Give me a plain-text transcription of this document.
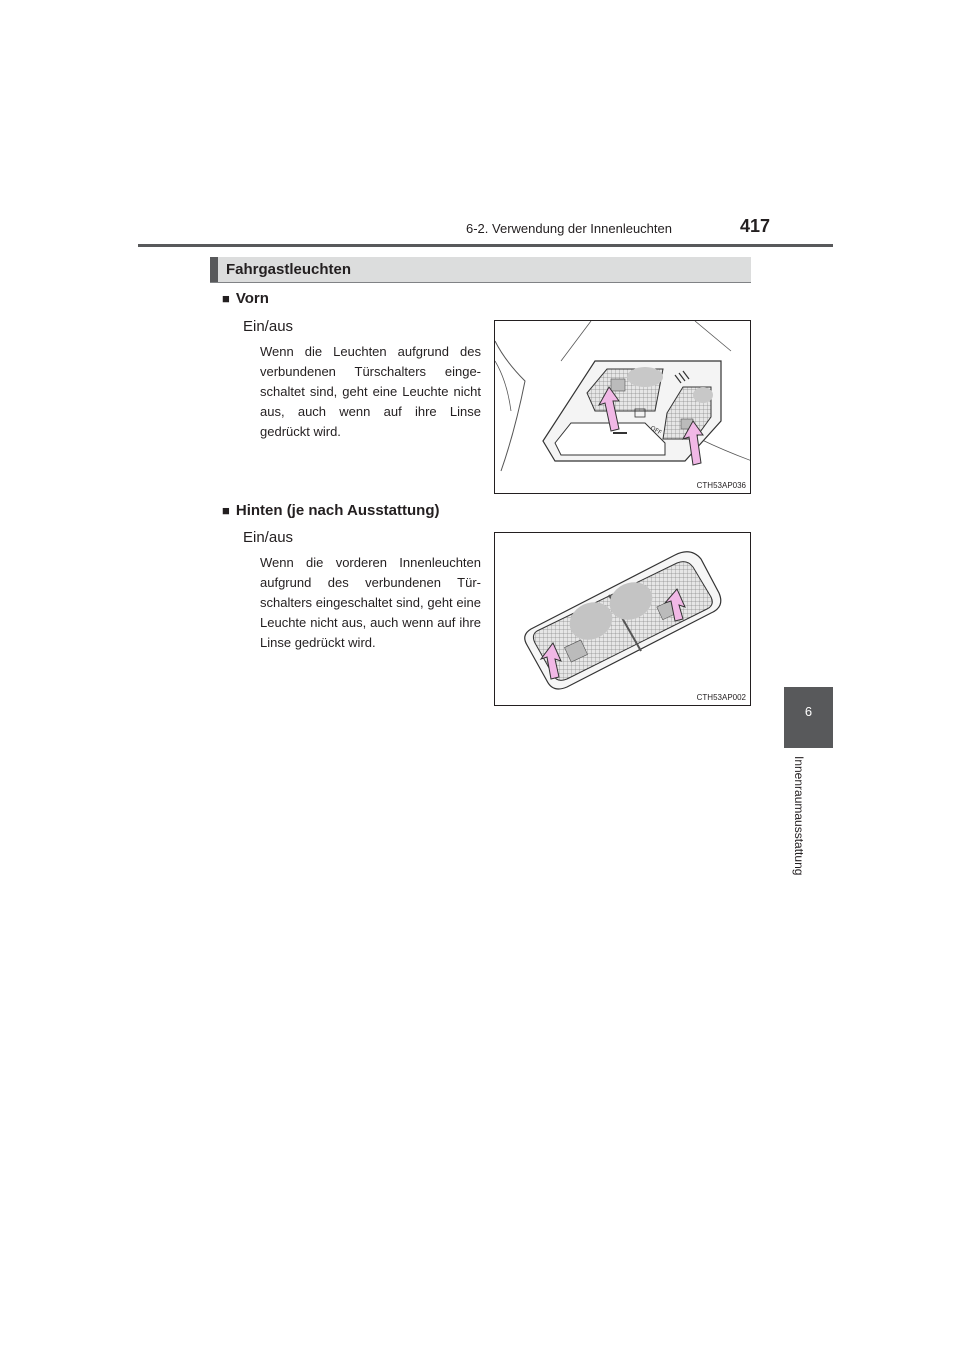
6-2. Verwendung der Innenleuchten	417
6
Innenraumausstattung
Fahrgastleuchten
■ Vorn
Ein/aus
Wenn die Leuchten aufgrund des verbundenen Türschalters einge-schaltet sind, geht eine Leuchte nicht aus, auch wenn auf ihre Linse gedrückt wird.	OFF
CTH53AP036
■ Hinten (je nach Ausstattung)
Ein/aus
Wenn die vorderen Innenleuchten aufgrund des verbundenen Tür-schalters eingeschaltet sind, geht eine Leuchte nicht aus, auch wenn auf ihre Linse gedrückt wird.
CTH53AP002
